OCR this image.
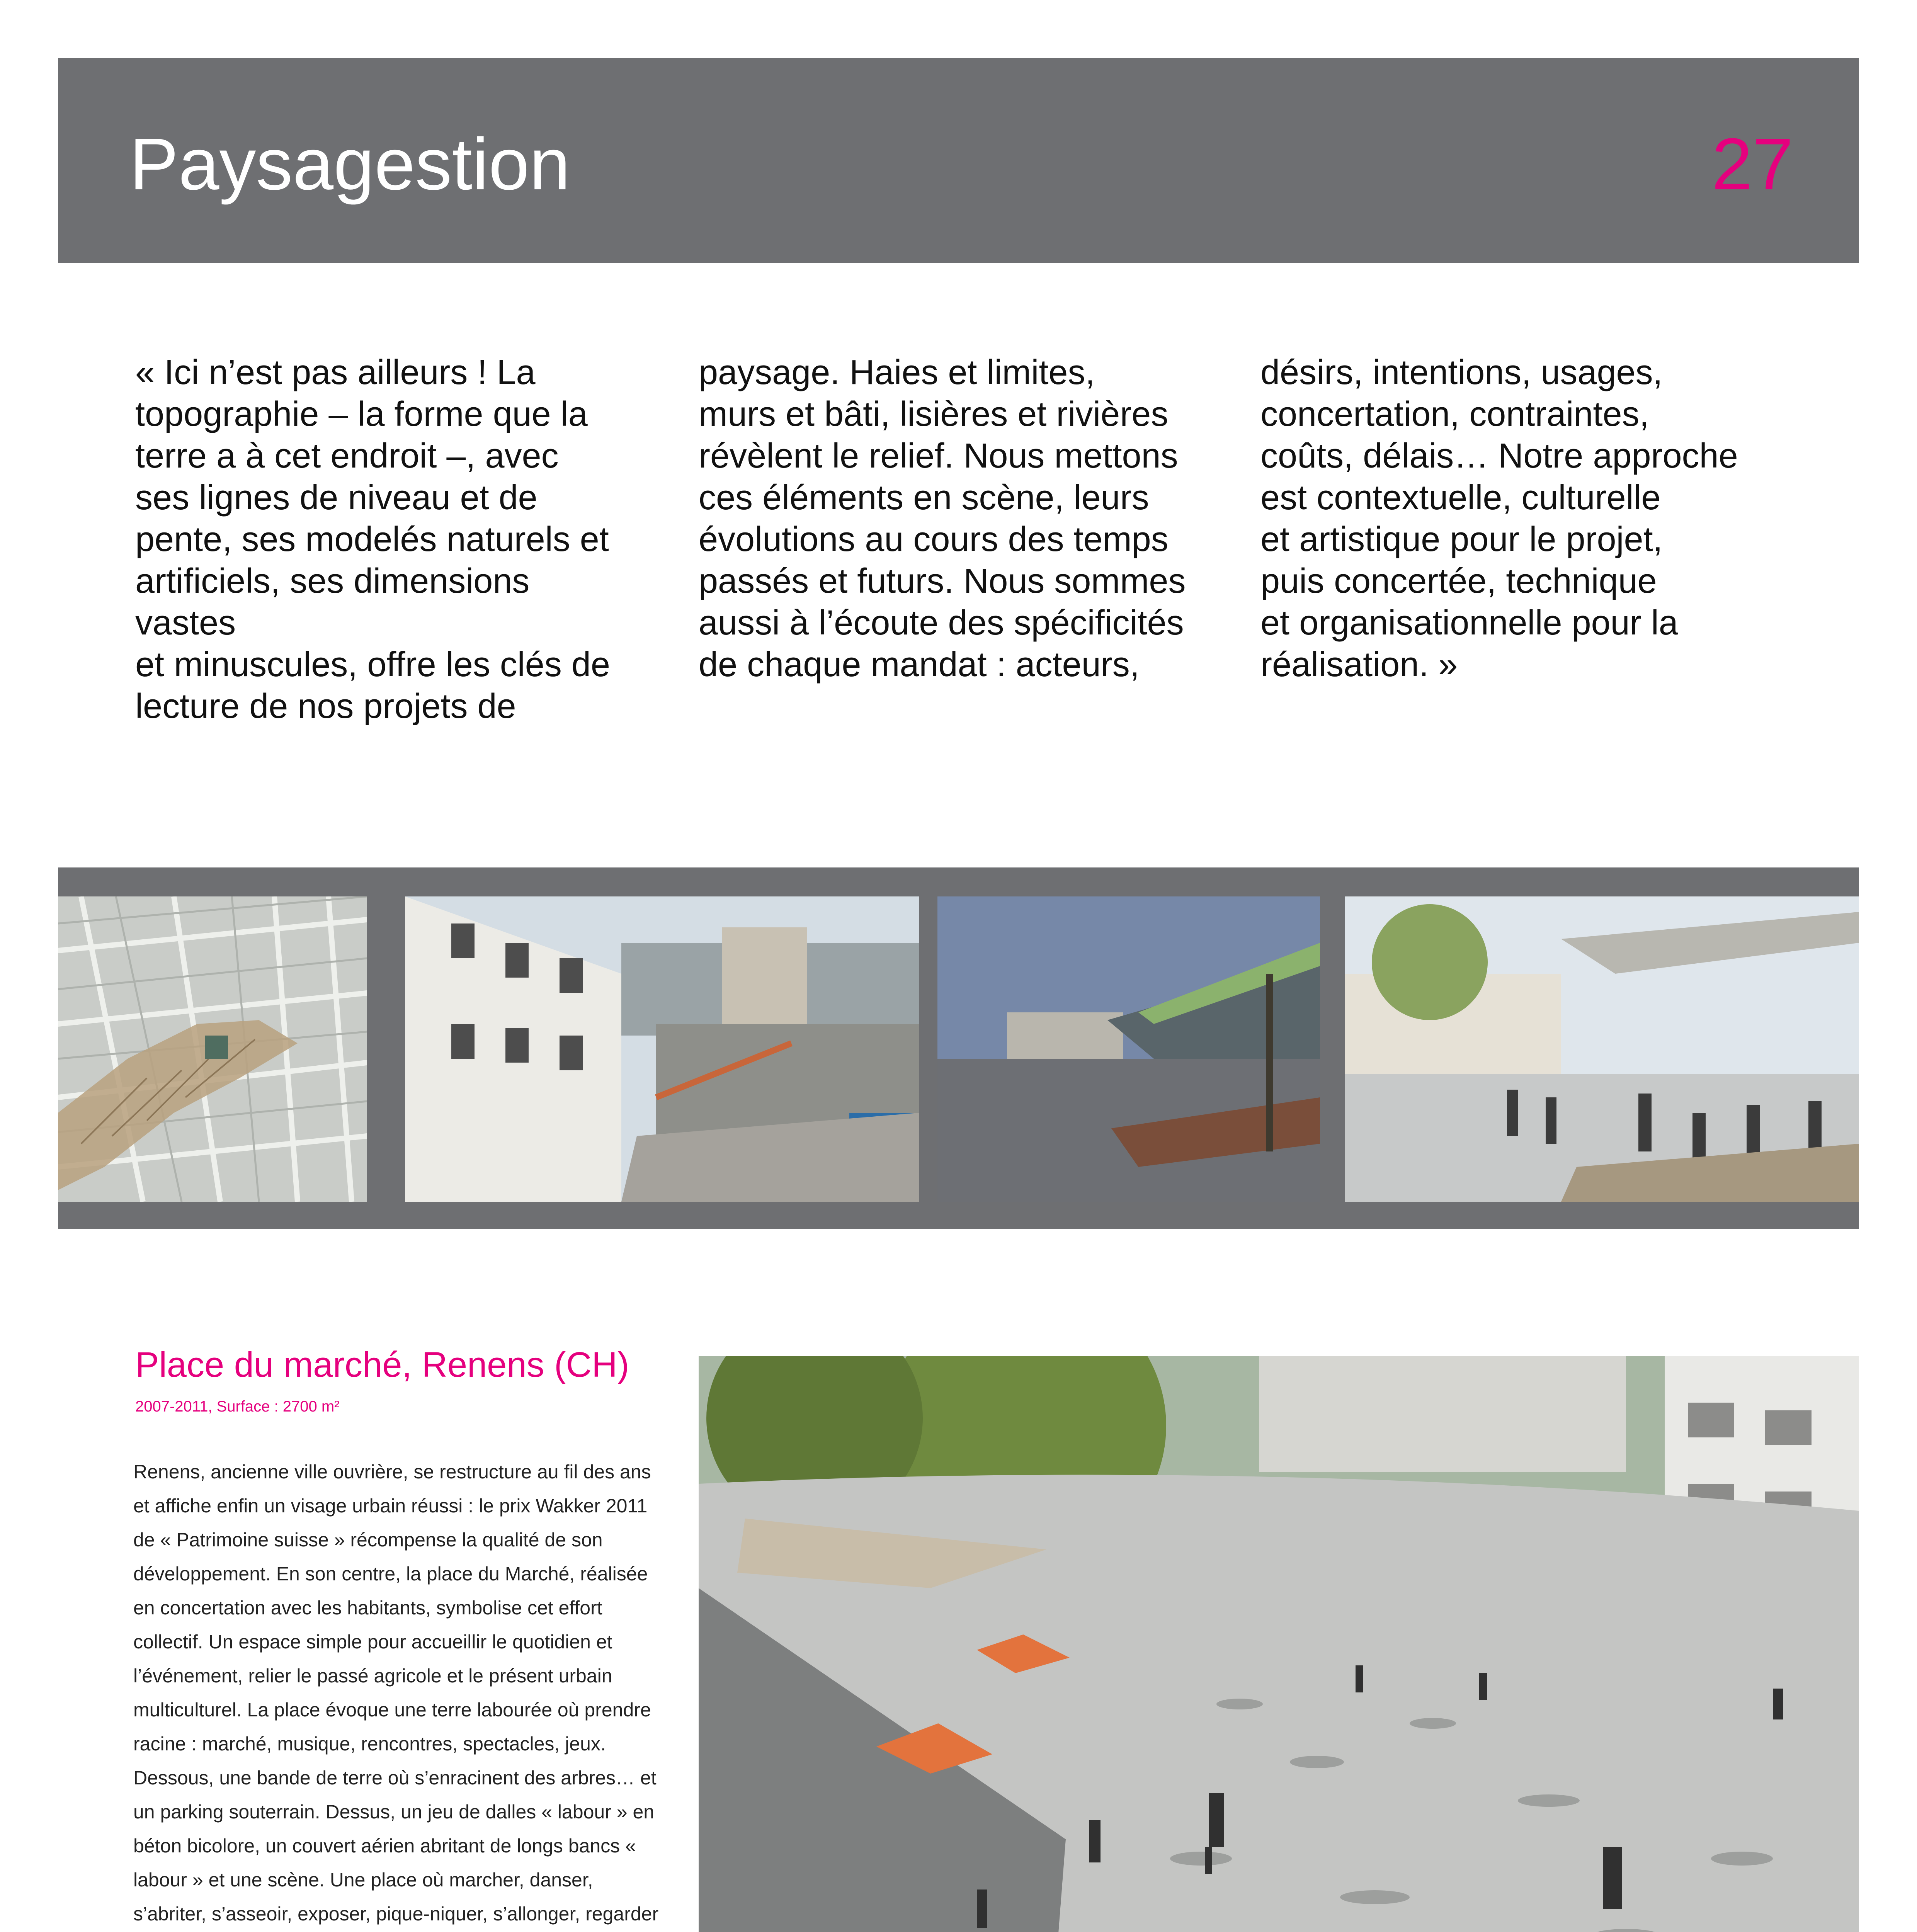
Paysagestion	27
« Ici n’est pas ailleurs ! La
topographie – la forme que la
terre a à cet endroit –, avec
ses lignes de niveau et de
pente, ses modelés naturels et
artificiels, ses dimensions vastes
et minuscules, offre les clés de
lecture de nos projets de
paysage. Haies et limites,
murs et bâti, lisières et rivières
révèlent le relief. Nous mettons
ces éléments en scène, leurs
évolutions au cours des temps
passés et futurs. Nous sommes
aussi à l’écoute des spécificités
de chaque mandat : acteurs,
désirs, intentions, usages,
concertation, contraintes,
coûts, délais… Notre approche
est contextuelle, culturelle
et artistique pour le projet,
puis concertée, technique
et organisationnelle pour la
réalisation. »
Place du marché, Renens (CH)
2007-2011, Surface : 2700 m²
Renens, ancienne ville ouvrière, se restructure au fil des ans et affiche enfin un visage urbain réussi : le prix Wakker 2011 de « Patrimoine suisse » récompense la qualité de son développement. En son centre, la place du Marché, réalisée en concertation avec les habitants, symbolise cet effort collectif. Un espace simple pour accueillir le quotidien et l’événement, relier le passé agricole et le présent urbain multiculturel. La place évoque une terre labourée où prendre racine : marché, musique, rencontres, spectacles, jeux. Dessous, une bande de terre où s’enracinent des arbres… et un parking souterrain. Dessus, un jeu de dalles « labour » en béton bicolore, un couvert aérien abritant de longs bancs « labour » et une scène. Une place où marcher, danser, s’abriter, s’asseoir, exposer, pique-niquer, s’allonger, regarder
